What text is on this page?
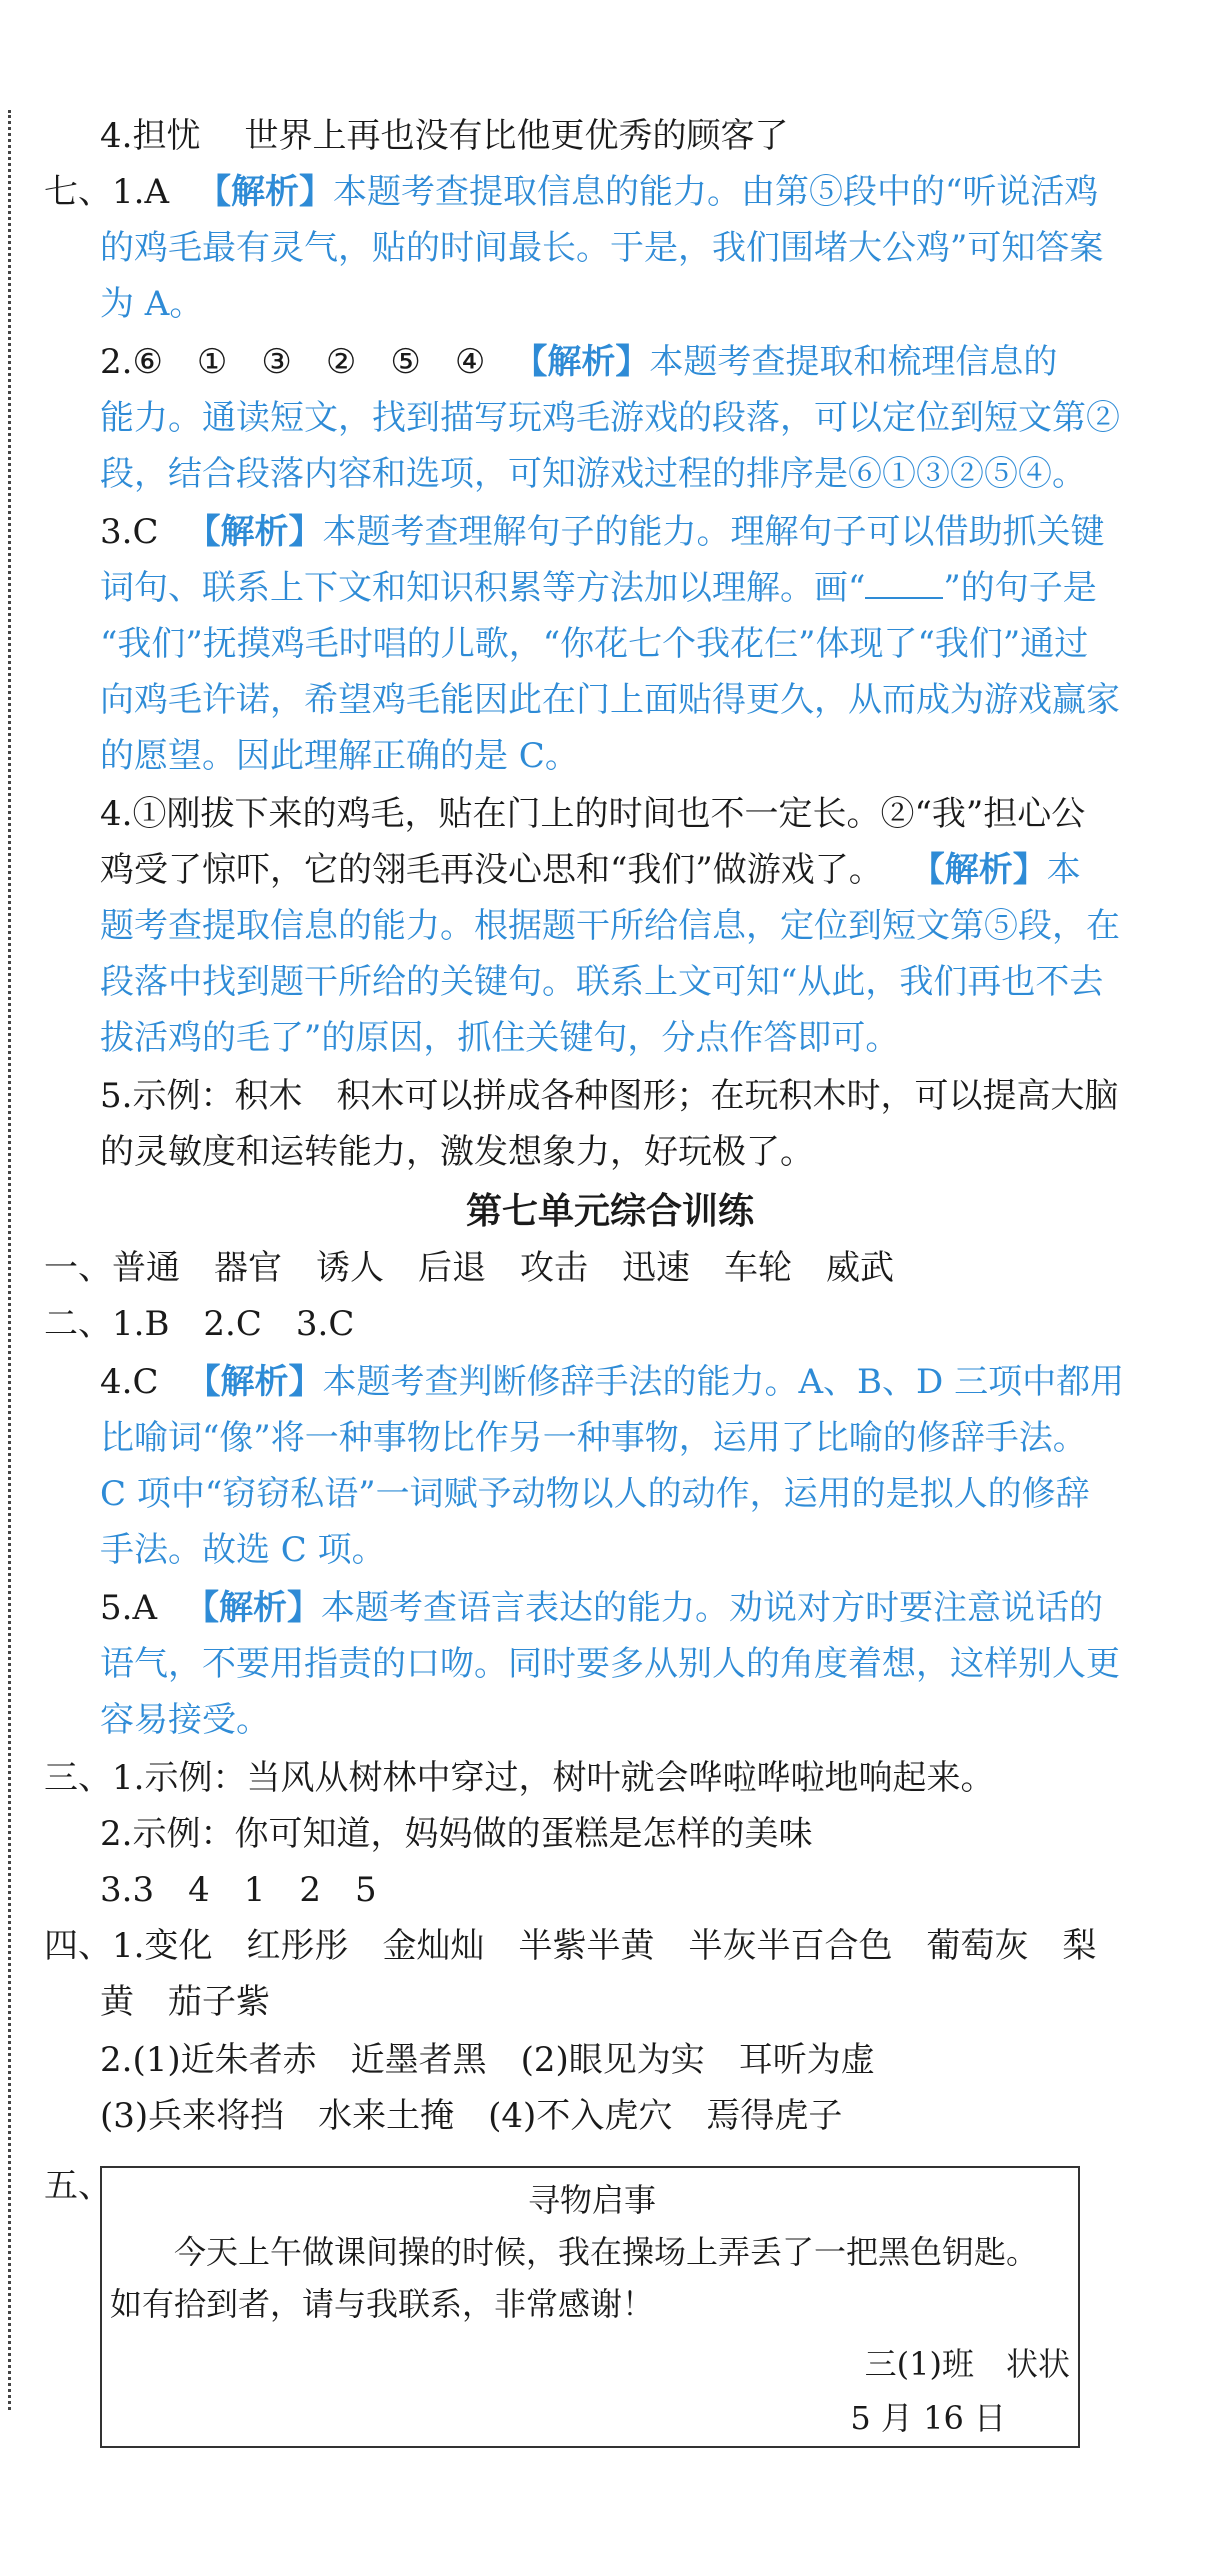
4.担忧 世界上再也没有比他更优秀的顾客了
七、1.A 【解析】本题考查提取信息的能力。由第⑤段中的“听说活鸡
的鸡毛最有灵气，贴的时间最长。于是，我们围堵大公鸡”可知答案
为 A。
2.⑥　①　③　②　⑤　④ 【解析】本题考查提取和梳理信息的
能力。通读短文，找到描写玩鸡毛游戏的段落，可以定位到短文第②
段，结合段落内容和选项，可知游戏过程的排序是⑥①③②⑤④。
3.C 【解析】本题考查理解句子的能力。理解句子可以借助抓关键
词句、联系上下文和知识积累等方法加以理解。画“ ”的句子是
“我们”抚摸鸡毛时唱的儿歌，“你花七个我花仨”体现了“我们”通过
向鸡毛许诺，希望鸡毛能因此在门上面贴得更久，从而成为游戏赢家
的愿望。因此理解正确的是 C。
4.①刚拔下来的鸡毛，贴在门上的时间也不一定长。②“我”担心公
鸡受了惊吓，它的翎毛再没心思和“我们”做游戏了。 【解析】本
题考查提取信息的能力。根据题干所给信息，定位到短文第⑤段，在
段落中找到题干所给的关键句。联系上文可知“从此，我们再也不去
拔活鸡的毛了”的原因，抓住关键句，分点作答即可。
5.示例：积木　积木可以拼成各种图形；在玩积木时，可以提高大脑
的灵敏度和运转能力，激发想象力，好玩极了。
第七单元综合训练
一、普通　器官　诱人　后退　攻击　迅速　车轮　威武
二、1.B　2.C　3.C
4.C 【解析】本题考查判断修辞手法的能力。A、B、D 三项中都用
比喻词“像”将一种事物比作另一种事物，运用了比喻的修辞手法。
C 项中“窃窃私语”一词赋予动物以人的动作，运用的是拟人的修辞
手法。故选 C 项。
5.A 【解析】本题考查语言表达的能力。劝说对方时要注意说话的
语气，不要用指责的口吻。同时要多从别人的角度着想，这样别人更
容易接受。
三、1.示例：当风从树林中穿过，树叶就会哗啦哗啦地响起来。
2.示例：你可知道，妈妈做的蛋糕是怎样的美味
3.3　4　1　2　5
四、1.变化　红彤彤　金灿灿　半紫半黄　半灰半百合色　葡萄灰　梨
黄　茄子紫
2.(1)近朱者赤　近墨者黑　(2)眼见为实　耳听为虚
(3)兵来将挡　水来土掩　(4)不入虎穴　焉得虎子
五、	寻物启事
今天上午做课间操的时候，我在操场上弄丢了一把黑色钥匙。
如有拾到者，请与我联系，非常感谢！
三(1)班　状状
5 月 16 日
